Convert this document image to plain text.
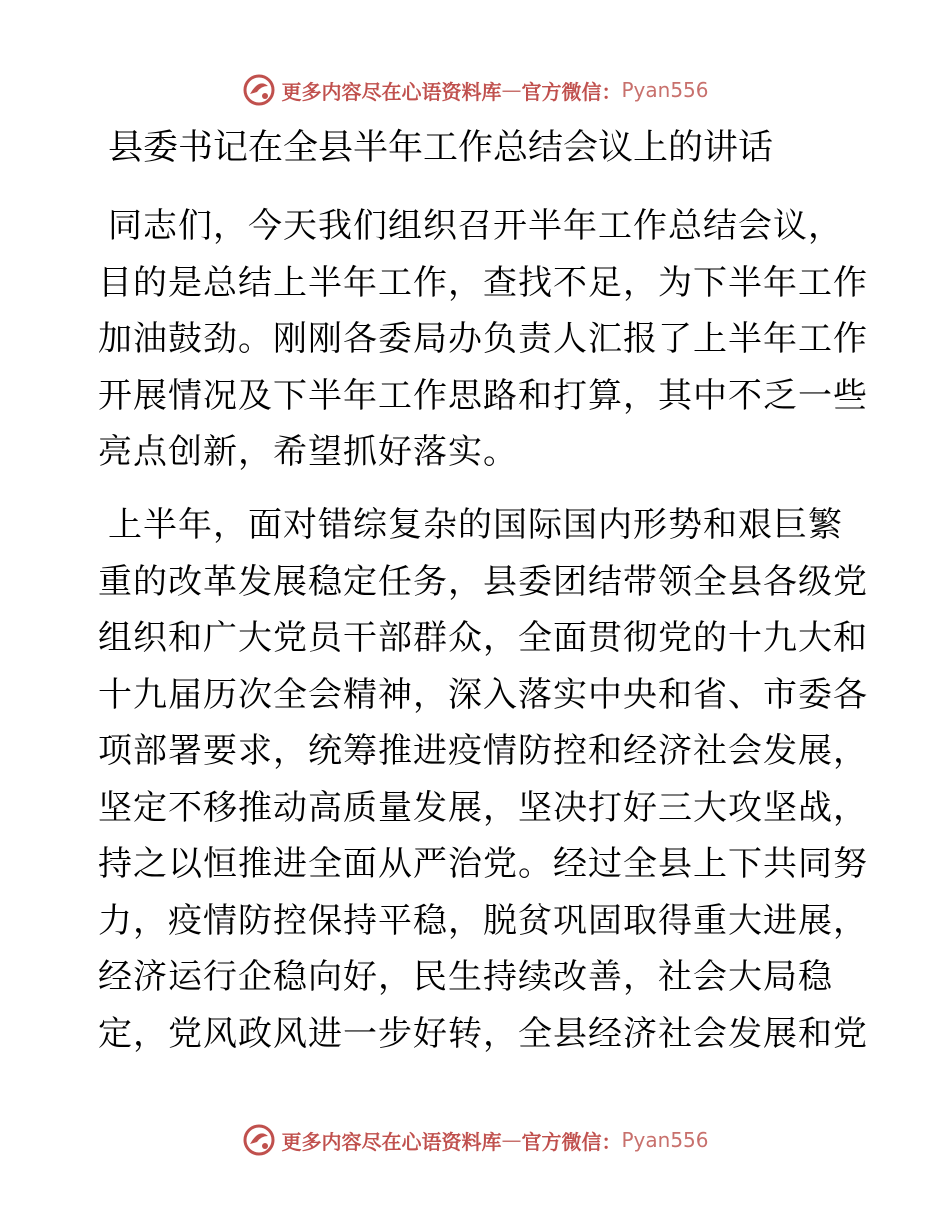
更多内容尽在心语资料库 — 官方微信： Pyan556
县委书记在全县半年工作总结会议上的讲话
同志们，今天我们组织召开半年工作总结会议，
目的是总结上半年工作，查找不足，为下半年工作
加油鼓劲。刚刚各委局办负责人汇报了上半年工作
开展情况及下半年工作思路和打算，其中不乏一些
亮点创新，希望抓好落实。
上半年，面对错综复杂的国际国内形势和艰巨繁
重的改革发展稳定任务，县委团结带领全县各级党
组织和广大党员干部群众，全面贯彻党的十九大和
十九届历次全会精神，深入落实中央和省、市委各
项部署要求，统筹推进疫情防控和经济社会发展，
坚定不移推动高质量发展，坚决打好三大攻坚战，
持之以恒推进全面从严治党。经过全县上下共同努
力，疫情防控保持平稳，脱贫巩固取得重大进展，
经济运行企稳向好，民生持续改善，社会大局稳
定，党风政风进一步好转，全县经济社会发展和党
更多内容尽在心语资料库 — 官方微信： Pyan556
